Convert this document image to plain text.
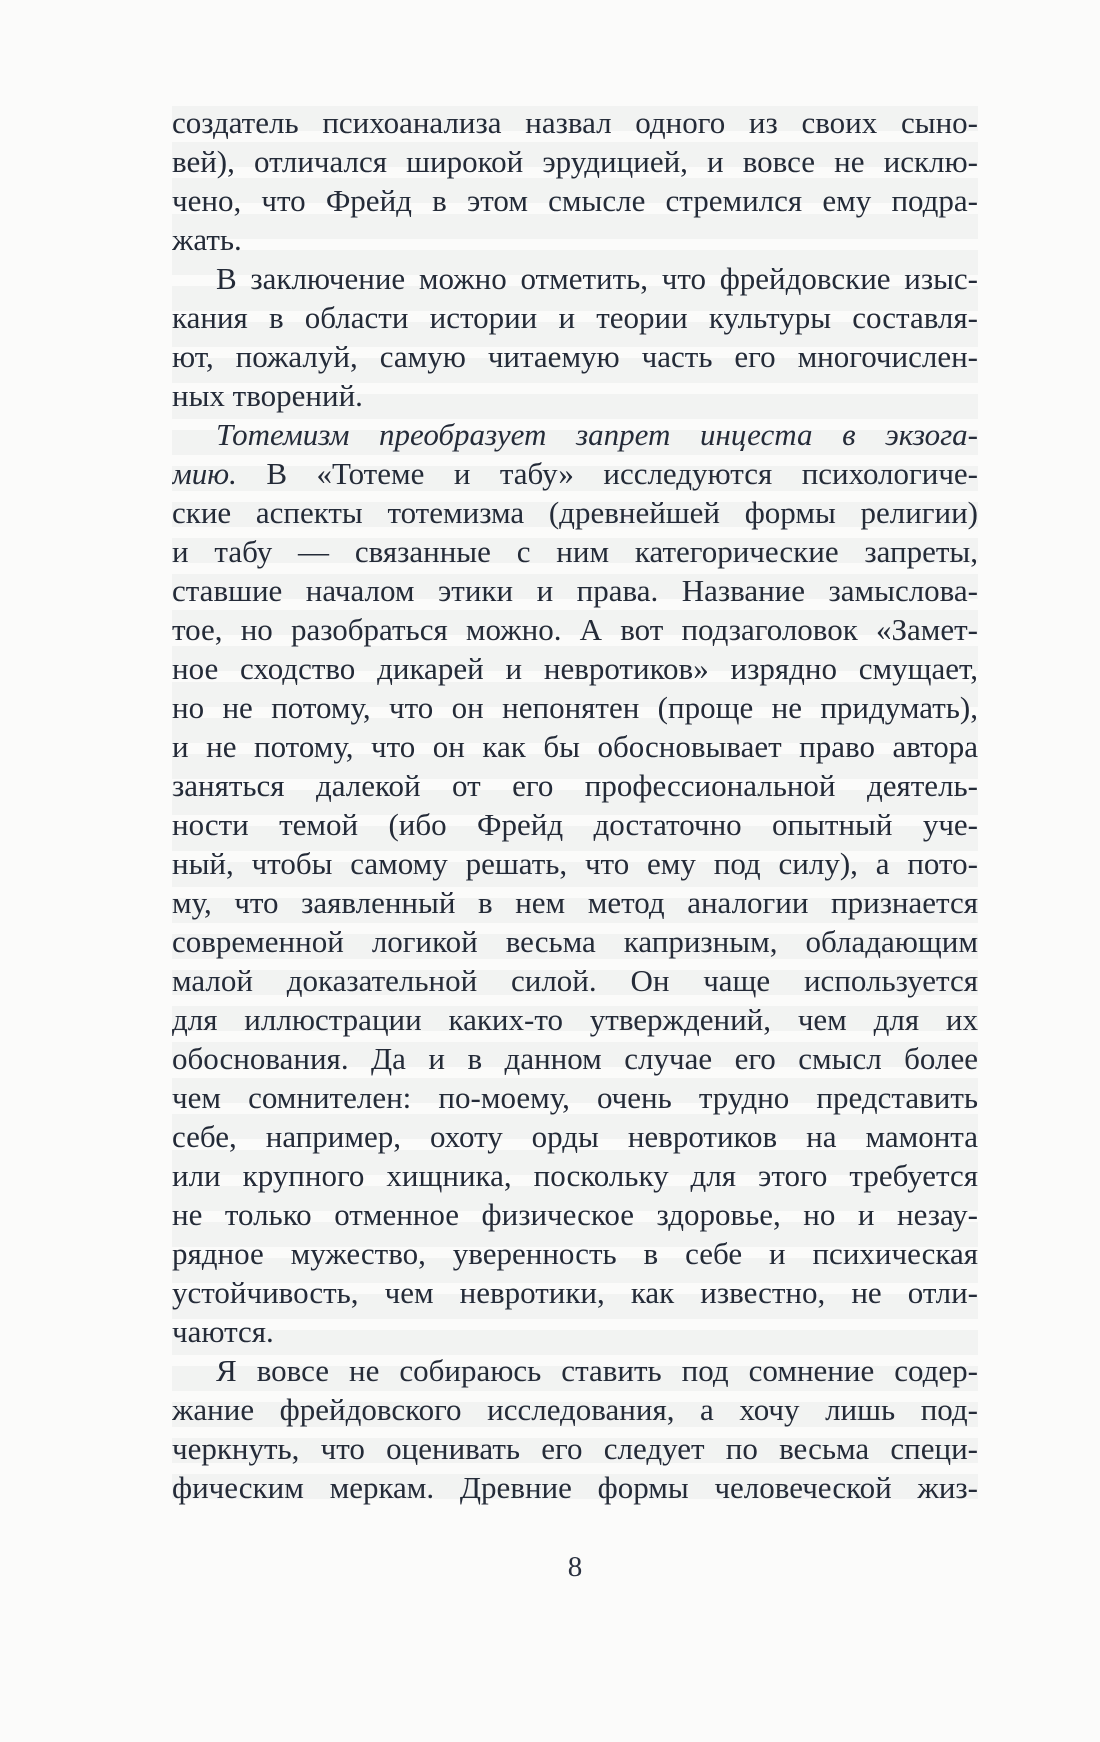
создатель психоанализа назвал одного из своих сыно-
вей), отличался широкой эрудицией, и вовсе не исклю-
чено, что Фрейд в этом смысле стремился ему подра-
жать.
В заключение можно отметить, что фрейдовские изыс-
кания в области истории и теории культуры составля-
ют, пожалуй, самую читаемую часть его многочислен-
ных творений.
Тотемизм преобразует запрет инцеста в экзога-
мию. В «Тотеме и табу» исследуются психологиче-
ские аспекты тотемизма (древнейшей формы религии)
и табу — связанные с ним категорические запреты,
ставшие началом этики и права. Название замыслова-
тое, но разобраться можно. А вот подзаголовок «Замет-
ное сходство дикарей и невротиков» изрядно смущает,
но не потому, что он непонятен (проще не придумать),
и не потому, что он как бы обосновывает право автора
заняться далекой от его профессиональной деятель-
ности темой (ибо Фрейд достаточно опытный уче-
ный, чтобы самому решать, что ему под силу), а пото-
му, что заявленный в нем метод аналогии признается
современной логикой весьма капризным, обладающим
малой доказательной силой. Он чаще используется
для иллюстрации каких-то утверждений, чем для их
обоснования. Да и в данном случае его смысл более
чем сомнителен: по-моему, очень трудно представить
себе, например, охоту орды невротиков на мамонта
или крупного хищника, поскольку для этого требуется
не только отменное физическое здоровье, но и незау-
рядное мужество, уверенность в себе и психическая
устойчивость, чем невротики, как известно, не отли-
чаются.
Я вовсе не собираюсь ставить под сомнение содер-
жание фрейдовского исследования, а хочу лишь под-
черкнуть, что оценивать его следует по весьма специ-
фическим меркам. Древние формы человеческой жиз-
8
